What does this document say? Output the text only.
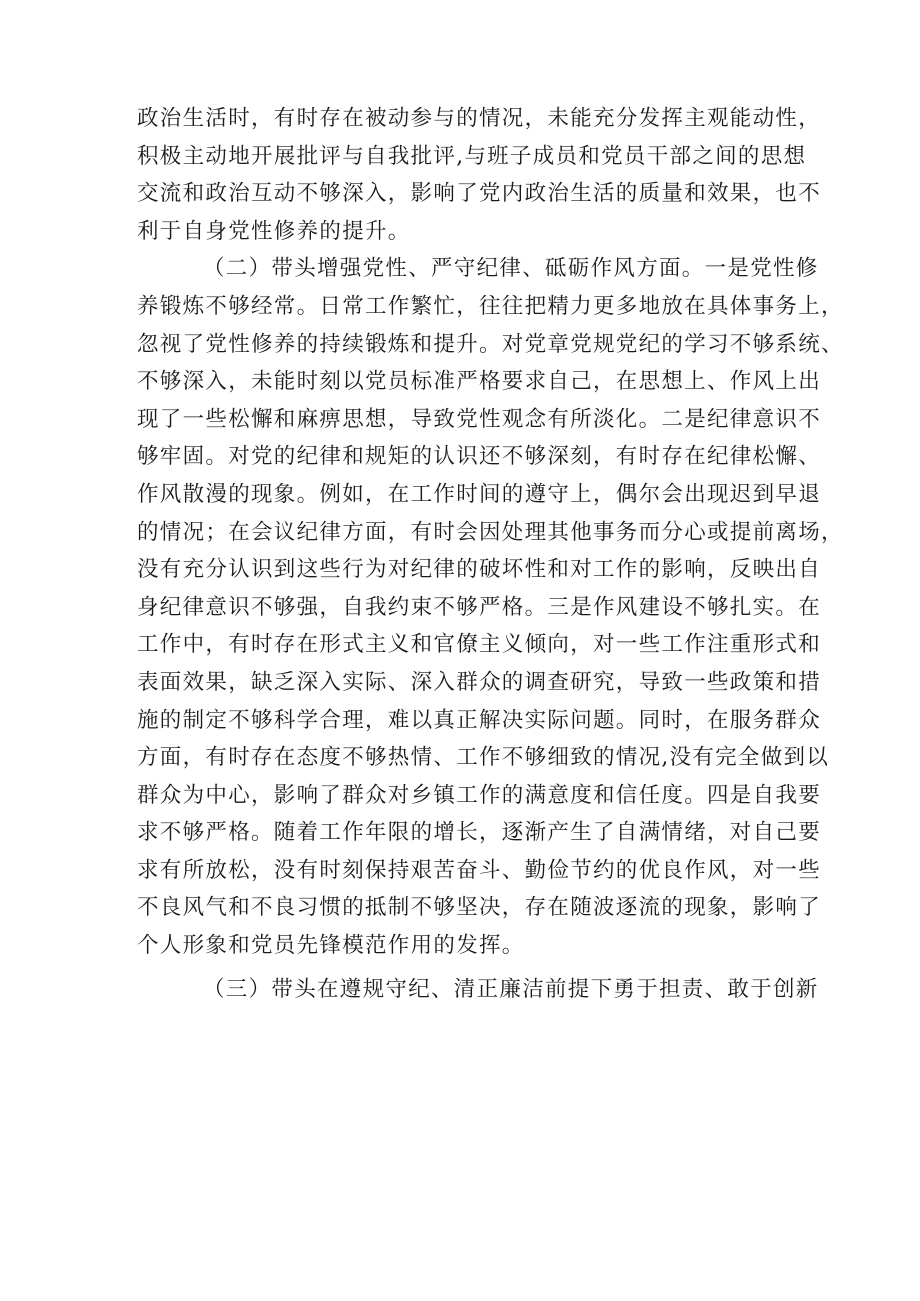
政治生活时，有时存在被动参与的情况，未能充分发挥主观能动性，
积极主动地开展批评与自我批评,与班子成员和党员干部之间的思想
交流和政治互动不够深入，影响了党内政治生活的质量和效果，也不
利于自身党性修养的提升。
（二）带头增强党性、严守纪律、砥砺作风方面。一是党性修
养锻炼不够经常。日常工作繁忙，往往把精力更多地放在具体事务上，
忽视了党性修养的持续锻炼和提升。对党章党规党纪的学习不够系统、
不够深入，未能时刻以党员标准严格要求自己，在思想上、作风上出
现了一些松懈和麻痹思想，导致党性观念有所淡化。二是纪律意识不
够牢固。对党的纪律和规矩的认识还不够深刻，有时存在纪律松懈、
作风散漫的现象。例如，在工作时间的遵守上，偶尔会出现迟到早退
的情况；在会议纪律方面，有时会因处理其他事务而分心或提前离场，
没有充分认识到这些行为对纪律的破坏性和对工作的影响，反映出自
身纪律意识不够强，自我约束不够严格。三是作风建设不够扎实。在
工作中，有时存在形式主义和官僚主义倾向，对一些工作注重形式和
表面效果，缺乏深入实际、深入群众的调查研究，导致一些政策和措
施的制定不够科学合理，难以真正解决实际问题。同时，在服务群众
方面，有时存在态度不够热情、工作不够细致的情况,没有完全做到以
群众为中心，影响了群众对乡镇工作的满意度和信任度。四是自我要
求不够严格。随着工作年限的增长，逐渐产生了自满情绪，对自己要
求有所放松，没有时刻保持艰苦奋斗、勤俭节约的优良作风，对一些
不良风气和不良习惯的抵制不够坚决，存在随波逐流的现象，影响了
个人形象和党员先锋模范作用的发挥。
（三）带头在遵规守纪、清正廉洁前提下勇于担责、敢于创新
